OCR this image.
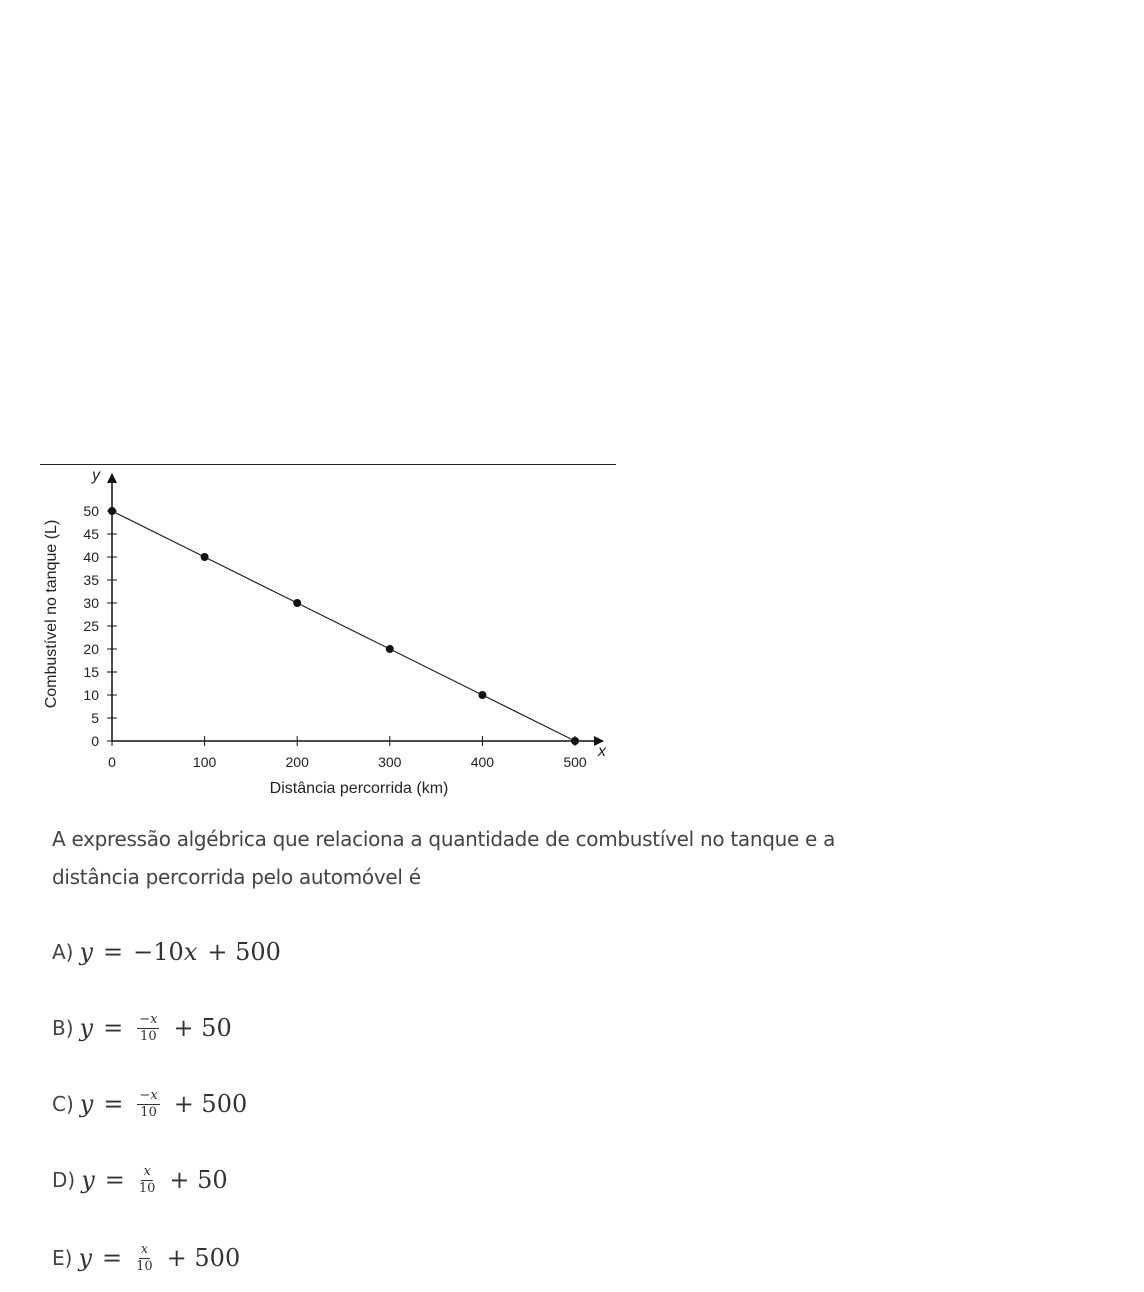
0
5
10
15
20
25
30
35
40
45
50
0	100	200	300	400	500
y
x
Distância percorrida (km)
Combustível no tanque (L)
A expressão algébrica que relaciona a quantidade de combustível no tanque e a distância percorrida pelo automóvel é
A) y = −10 x + 500
B) $y = \frac{-x}{10} + 50$
C) $y = \frac{-x}{10} + 500$
D) $y = \frac{x}{10} + 50$
E) $y = \frac{x}{10} + 500$
